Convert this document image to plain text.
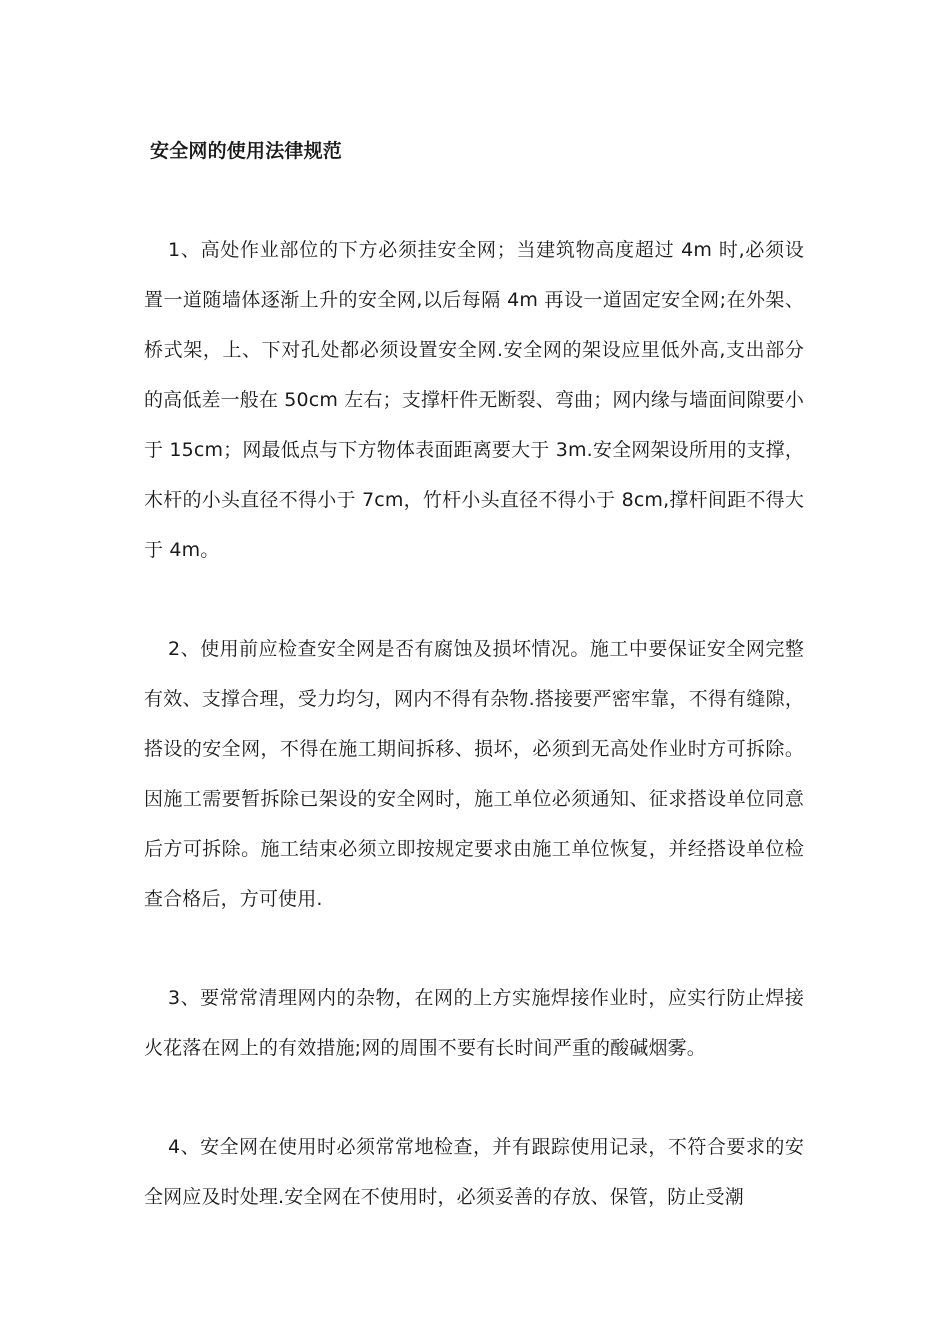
安全网的使用法律规范

1、高处作业部位的下方必须挂安全网；当建筑物高度超过 4m 时,必须设置一道随墙体逐渐上升的安全网,以后每隔 4m 再设一道固定安全网;在外架、桥式架，上、下对孔处都必须设置安全网.安全网的架设应里低外高,支出部分的高低差一般在 50cm 左右；支撑杆件无断裂、弯曲；网内缘与墙面间隙要小于 15cm；网最低点与下方物体表面距离要大于 3m.安全网架设所用的支撑，木杆的小头直径不得小于 7cm，竹杆小头直径不得小于 8cm,撑杆间距不得大于 4m。

2、使用前应检查安全网是否有腐蚀及损坏情况。施工中要保证安全网完整有效、支撑合理，受力均匀，网内不得有杂物.搭接要严密牢靠，不得有缝隙，搭设的安全网，不得在施工期间拆移、损坏，必须到无高处作业时方可拆除。因施工需要暂拆除已架设的安全网时，施工单位必须通知、征求搭设单位同意后方可拆除。施工结束必须立即按规定要求由施工单位恢复，并经搭设单位检查合格后，方可使用.

3、要常常清理网内的杂物，在网的上方实施焊接作业时，应实行防止焊接火花落在网上的有效措施;网的周围不要有长时间严重的酸碱烟雾。

4、安全网在使用时必须常常地检查，并有跟踪使用记录，不符合要求的安全网应及时处理.安全网在不使用时，必须妥善的存放、保管，防止受潮
